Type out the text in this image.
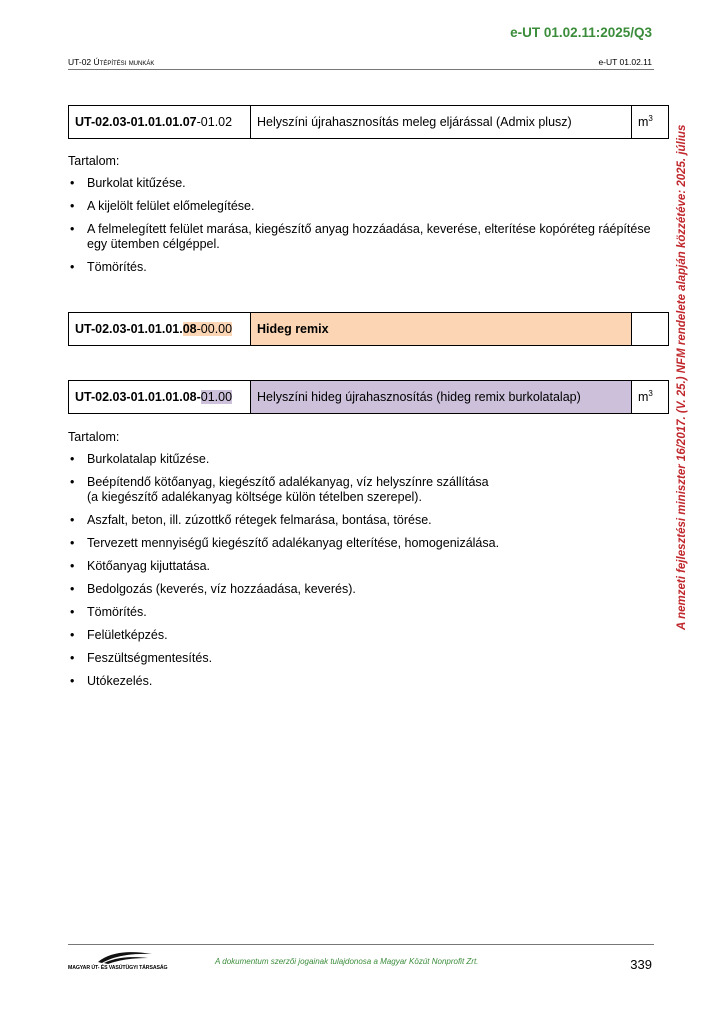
e-UT 01.02.11:2025/Q3
UT-02 Útépítési munkák	e-UT 01.02.11
A nemzeti fejlesztési miniszter 16/2017. (V. 25.) NFM rendelete alapján közzétéve: 2025. július
UT-02.03-01.01.01.07-01.02	Helyszíni újrahasznosítás meleg eljárással (Admix plusz)	$m^3$
Tartalom:
• Burkolat kitűzése.
• A kijelölt felület előmelegítése.
• A felmelegített felület marása, kiegészítő anyag hozzáadása, keverése, elterítése kopóréteg ráépítése egy ütemben célgéppel.
• Tömörítés.
UT-02.03-01.01.01.08-00.00	Hideg remix	
UT-02.03-01.01.01.08-01.00	Helyszíni hideg újrahasznosítás (hideg remix burkolatalap)	$m^3$
Tartalom:
• Burkolatalap kitűzése.
• Beépítendő kötőanyag, kiegészítő adalékanyag, víz helyszínre szállítása
(a kiegészítő adalékanyag költsége külön tételben szerepel).
• Aszfalt, beton, ill. zúzottkő rétegek felmarása, bontása, törése.
• Tervezett mennyiségű kiegészítő adalékanyag elterítése, homogenizálása.
• Kötőanyag kijuttatása.
• Bedolgozás (keverés, víz hozzáadása, keverés).
• Tömörítés.
• Felületképzés.
• Feszültségmentesítés.
• Utókezelés.
MAGYAR ÚT- ÉS VASÚTÜGYI TÁRSASÁG
A dokumentum szerzői jogainak tulajdonosa a Magyar Közút Nonprofit Zrt.	339
